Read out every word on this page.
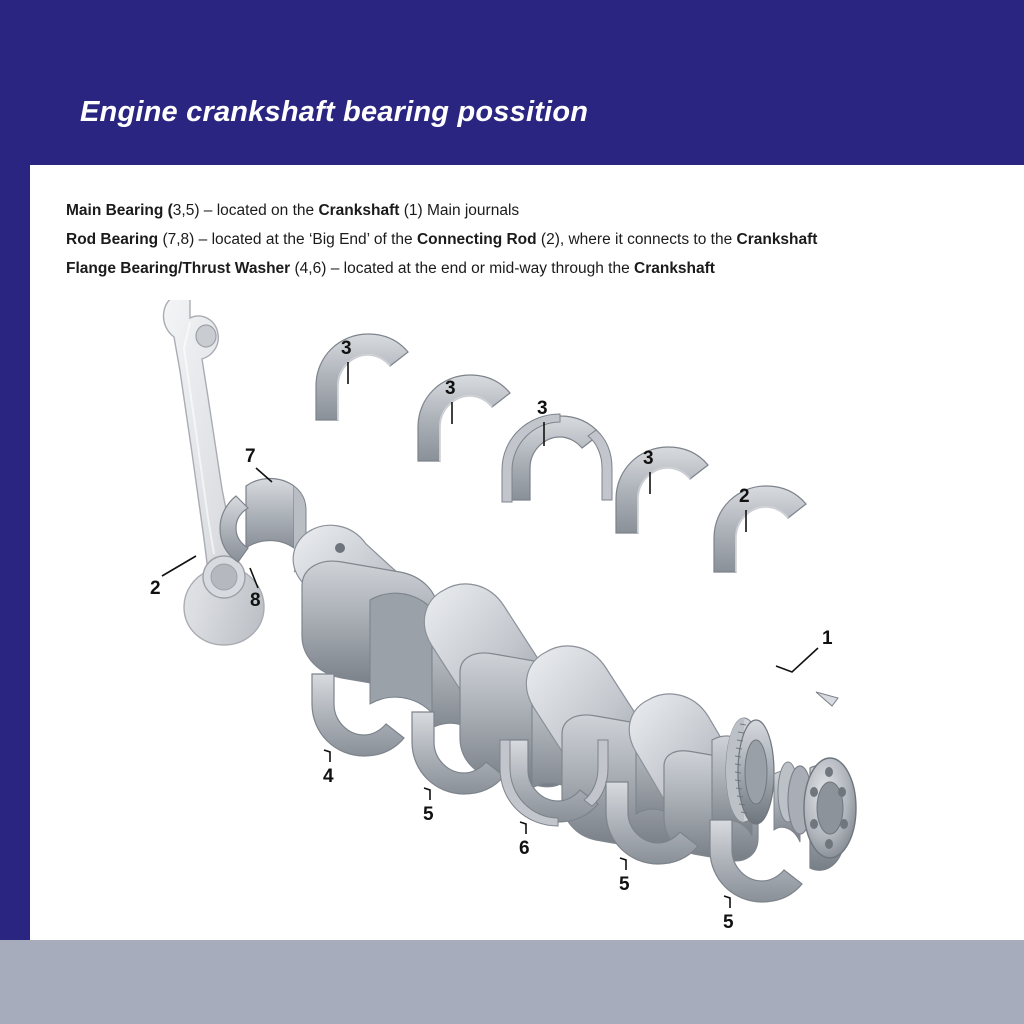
Engine crankshaft bearing possition
Main Bearing (3,5) – located on the Crankshaft (1) Main journals
Rod Bearing (7,8) – located at the ‘Big End’ of the Connecting Rod (2), where it connects to the Crankshaft
Flange Bearing/Thrust Washer (4,6) – located at the end or mid-way through the Crankshaft
3
3
3
3
2
7
8
2
1
4
5
6
5
5
